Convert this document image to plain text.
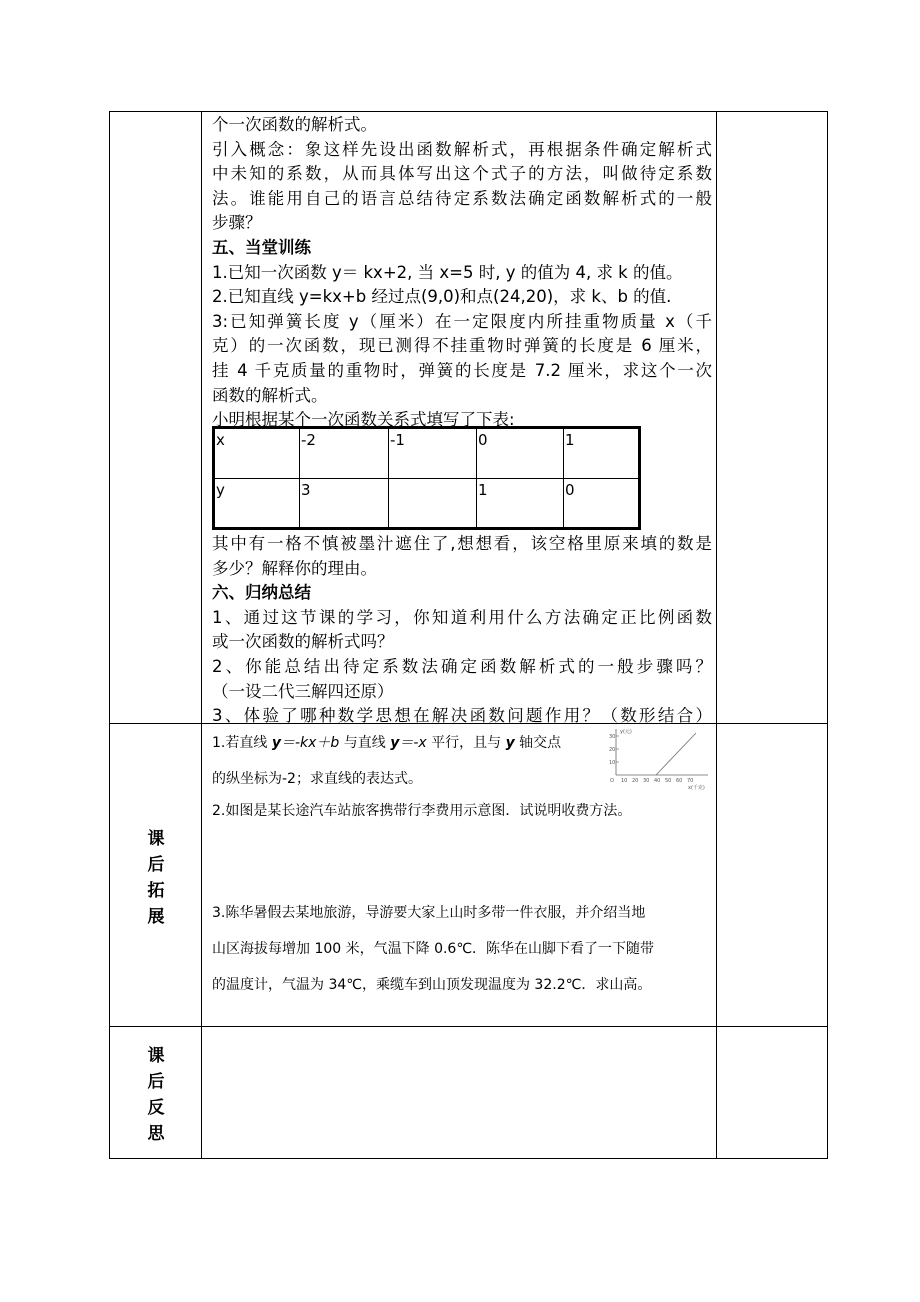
个一次函数的解析式。
引入概念：象这样先设出函数解析式，再根据条件确定解析式
中未知的系数，从而具体写出这个式子的方法，叫做待定系数
法。谁能用自己的语言总结待定系数法确定函数解析式的一般
步骤？
五、当堂训练
1.已知一次函数 y＝ kx+2, 当 x=5 时, y 的值为 4, 求 k 的值。
2.已知直线 y=kx+b 经过点(9,0)和点(24,20)，求 k、b 的值.
3:已知弹簧长度 y（厘米）在一定限度内所挂重物质量 x（千
克）的一次函数，现已测得不挂重物时弹簧的长度是 6 厘米，
挂 4 千克质量的重物时，弹簧的长度是 7.2 厘米，求这个一次
函数的解析式。
小明根据某个一次函数关系式填写了下表:
x	-2	-1	0	1
y	3		1	0
其中有一格不慎被墨汁遮住了,想想看，该空格里原来填的数是
多少？解释你的理由。
六、归纳总结
1、通过这节课的学习，你知道利用什么方法确定正比例函数
或一次函数的解析式吗？
2、你能总结出待定系数法确定函数解析式的一般步骤吗？
（一设二代三解四还原）
3、体验了哪种数学思想在解决函数问题作用？（数形结合）
课
后
拓
展
1.若直线 y＝-kx＋b 与直线 y＝-x 平行，且与 y 轴交点
的纵坐标为-2；求直线的表达式。
2.如图是某长途汽车站旅客携带行李费用示意图．试说明收费方法。
3.陈华暑假去某地旅游，导游要大家上山时多带一件衣服，并介绍当地
山区海拔每增加 100 米，气温下降 0.6℃．陈华在山脚下看了一下随带
的温度计，气温为 34℃，乘缆车到山顶发现温度为 32.2℃．求山高。
y(元)
30
20
10
O 10 20 30 40 50 60 70
x(千克)
课
后
反
思
